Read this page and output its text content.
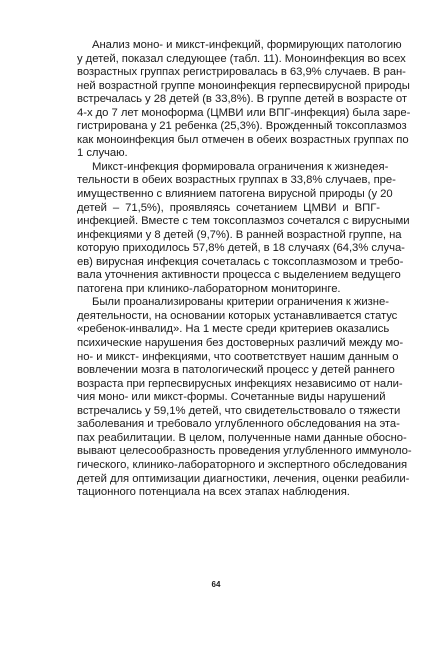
Анализ моно- и микст-инфекций, формирующих патологию
у детей, показал следующее (табл. 11). Моноинфекция во всех
возрастных группах регистрировалась в 63,9% случаев. В ран-
ней возрастной группе моноинфекция герпесвирусной природы
встречалась у 28 детей (в 33,8%). В группе детей в возрасте от
4-х до 7 лет моноформа (ЦМВИ или ВПГ-инфекция) была заре-
гистрирована у 21 ребенка (25,3%). Врожденный токсоплазмоз
как моноинфекция был отмечен в обеих возрастных группах по
1 случаю.
Микст-инфекция формировала ограничения к жизнедея-
тельности в обеих возрастных группах в 33,8% случаев, пре-
имущественно с влиянием патогена вирусной природы (у 20
детей – 71,5%), проявляясь сочетанием ЦМВИ и ВПГ-
инфекцией. Вместе с тем токсоплазмоз сочетался с вирусными
инфекциями у 8 детей (9,7%). В ранней возрастной группе, на
которую приходилось 57,8% детей, в 18 случаях (64,3% случа-
ев) вирусная инфекция сочеталась с токсоплазмозом и требо-
вала уточнения активности процесса с выделением ведущего
патогена при клинико-лабораторном мониторинге.
Были проанализированы критерии ограничения к жизне-
деятельности, на основании которых устанавливается статус
«ребенок-инвалид». На 1 месте среди критериев оказались
психические нарушения без достоверных различий между мо-
но- и микст- инфекциями, что соответствует нашим данным о
вовлечении мозга в патологический процесс у детей раннего
возраста при герпесвирусных инфекциях независимо от нали-
чия моно- или микст-формы. Сочетанные виды нарушений
встречались у 59,1% детей, что свидетельствовало о тяжести
заболевания и требовало углубленного обследования на эта-
пах реабилитации. В целом, полученные нами данные обосно-
вывают целесообразность проведения углубленного иммуноло-
гического, клинико-лабораторного и экспертного обследования
детей для оптимизации диагностики, лечения, оценки реабили-
тационного потенциала на всех этапах наблюдения.
64
